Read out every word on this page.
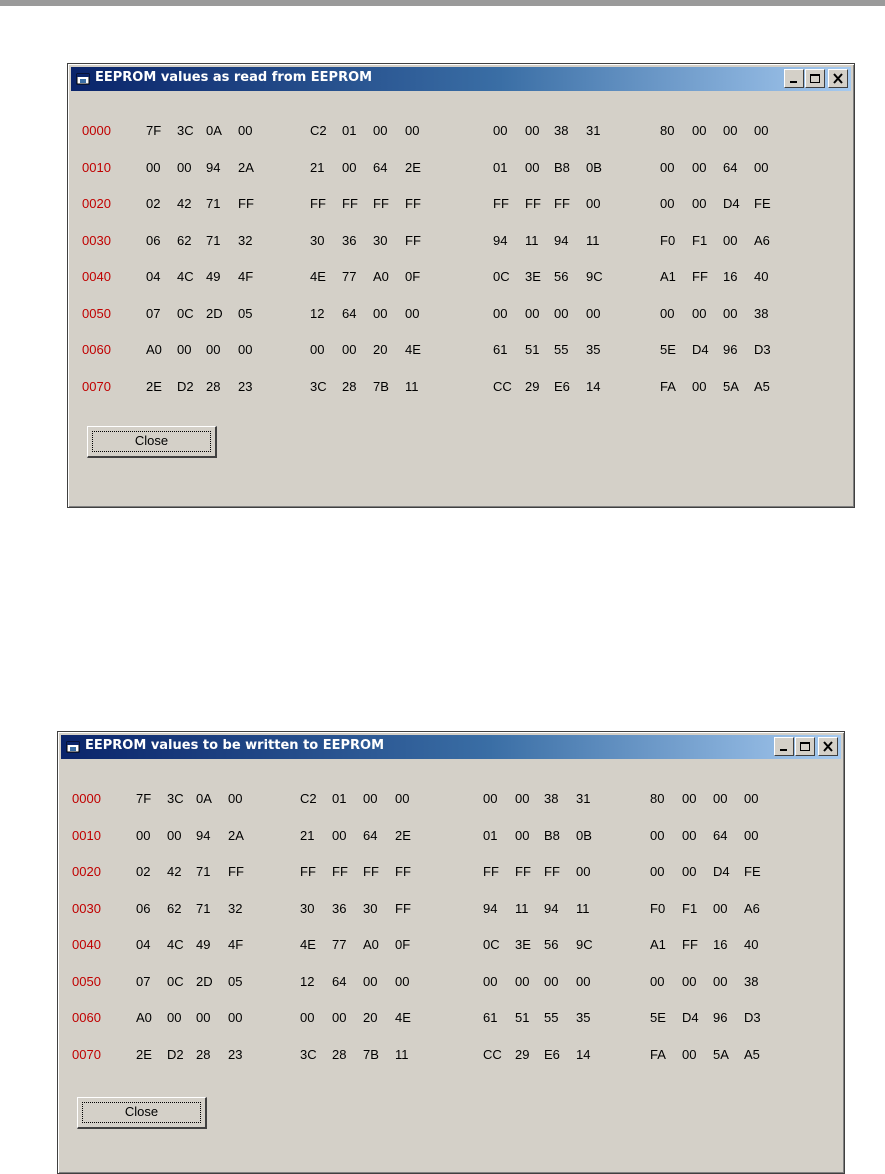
EEPROM values as read from EEPROM
0000	7F 3C 0A 00	C2 01 00 00	00 00 38 31	80 00 00 00
0010	00 00 94 2A	21 00 64 2E	01 00 B8 0B	00 00 64 00
0020	02 42 71 FF	FF FF FF FF	FF FF FF 00	00 00 D4 FE
0030	06 62 71 32	30 36 30 FF	94 11 94 11	F0 F1 00 A6
0040	04 4C 49 4F	4E 77 A0 0F	0C 3E 56 9C	A1 FF 16 40
0050	07 0C 2D 05	12 64 00 00	00 00 00 00	00 00 00 38
0060	A0 00 00 00	00 00 20 4E	61 51 55 35	5E D4 96 D3
0070	2E D2 28 23	3C 28 7B 11	CC 29 E6 14	FA 00 5A A5
Close
EEPROM values to be written to EEPROM
0000	7F 3C 0A 00	C2 01 00 00	00 00 38 31	80 00 00 00
0010	00 00 94 2A	21 00 64 2E	01 00 B8 0B	00 00 64 00
0020	02 42 71 FF	FF FF FF FF	FF FF FF 00	00 00 D4 FE
0030	06 62 71 32	30 36 30 FF	94 11 94 11	F0 F1 00 A6
0040	04 4C 49 4F	4E 77 A0 0F	0C 3E 56 9C	A1 FF 16 40
0050	07 0C 2D 05	12 64 00 00	00 00 00 00	00 00 00 38
0060	A0 00 00 00	00 00 20 4E	61 51 55 35	5E D4 96 D3
0070	2E D2 28 23	3C 28 7B 11	CC 29 E6 14	FA 00 5A A5
Close
